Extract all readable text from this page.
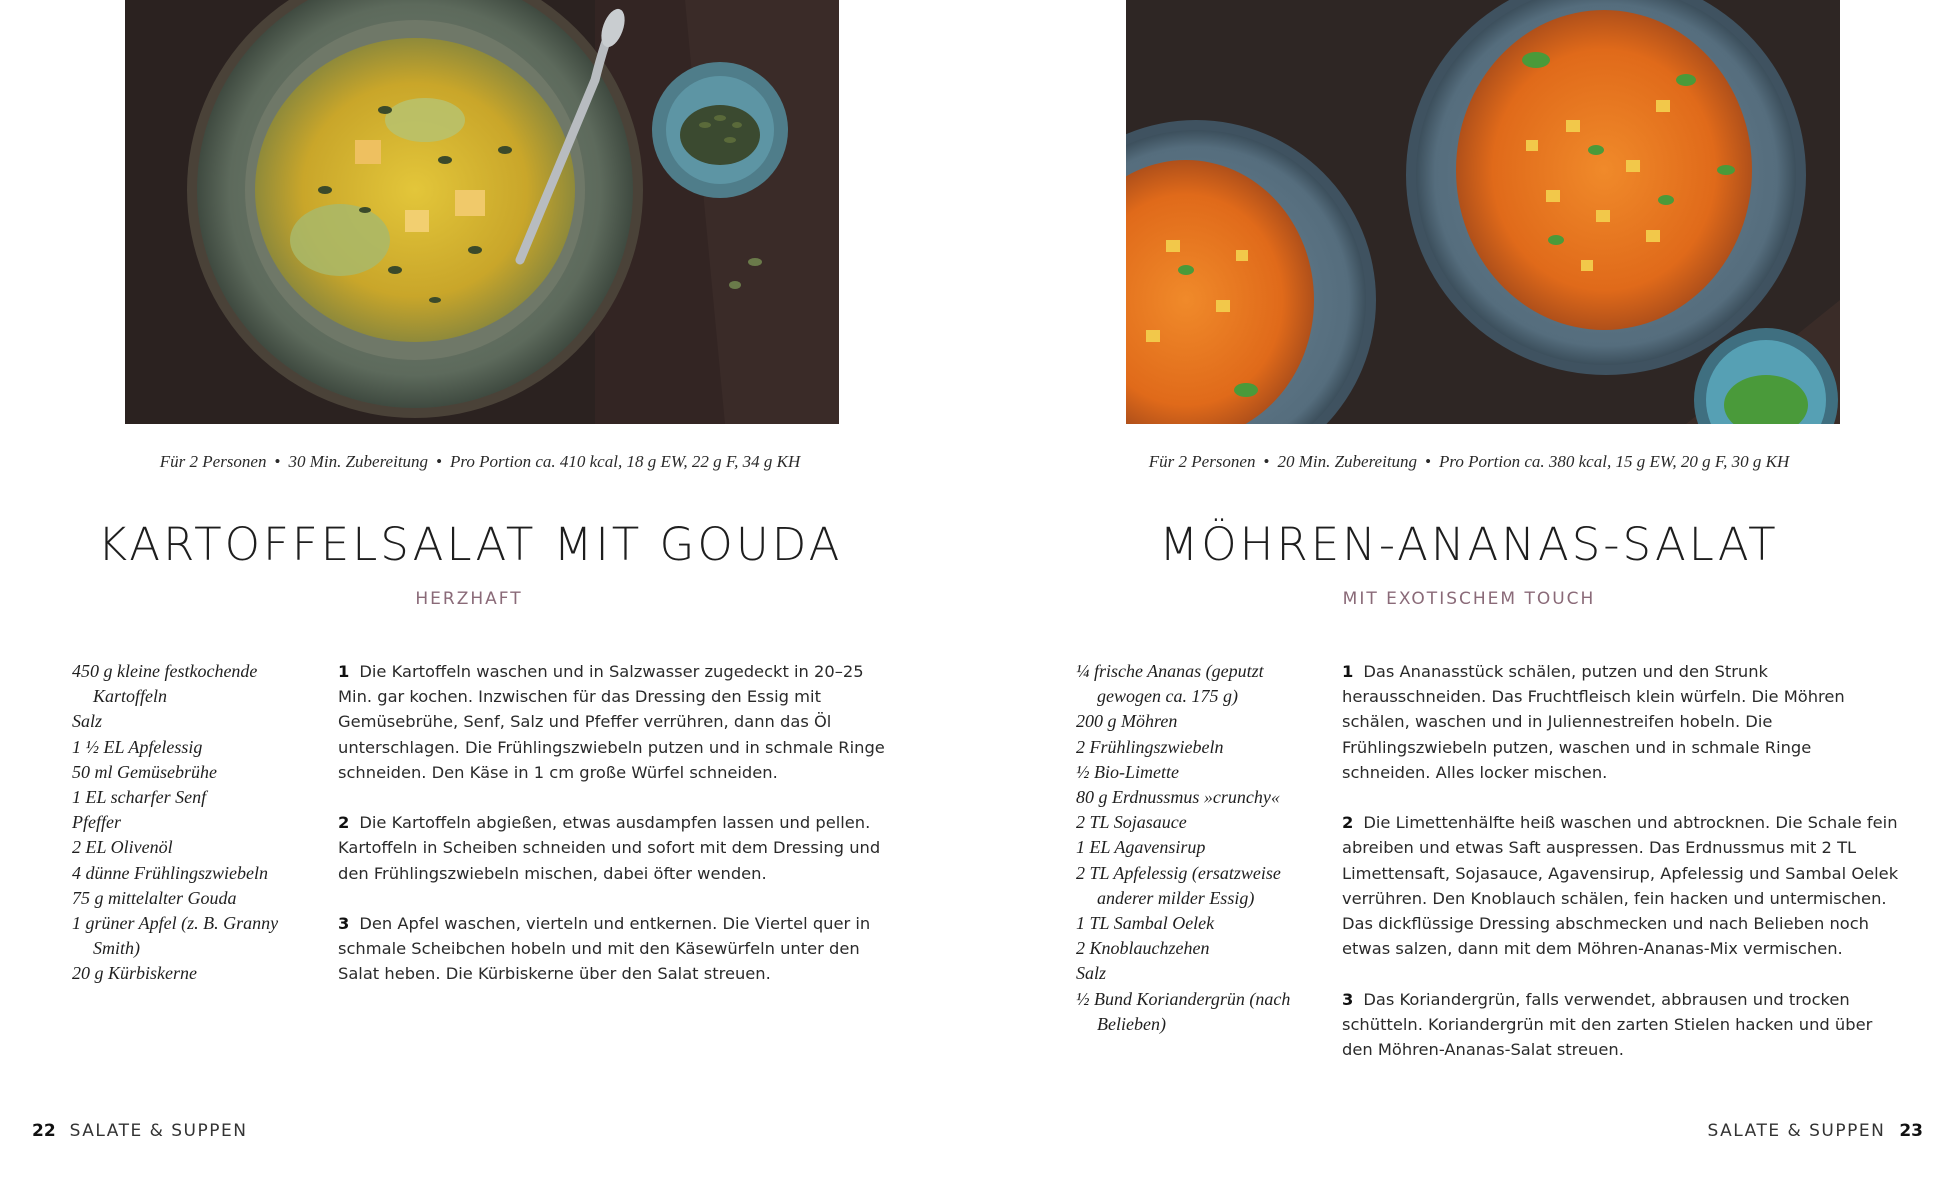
Für 2 Personen • 30 Min. Zubereitung • Pro Portion ca. 410 kcal, 18 g EW, 22 g F, 34 g KH
KARTOFFELSALAT MIT GOUDA
HERZHAFT
450 g kleine festkochende Kartoffeln
Salz
1 ½ EL Apfelessig
50 ml Gemüsebrühe
1 EL scharfer Senf
Pfeffer
2 EL Olivenöl
4 dünne Frühlingszwiebeln
75 g mittelalter Gouda
1 grüner Apfel (z. B. Granny Smith)
20 g Kürbiskerne

1 Die Kartoffeln waschen und in Salzwasser zugedeckt in 20–25 Min. gar kochen. Inzwischen für das Dressing den Essig mit Gemüsebrühe, Senf, Salz und Pfeffer verrühren, dann das Öl unterschlagen. Die Frühlingszwiebeln putzen und in schmale Ringe schneiden. Den Käse in 1 cm große Würfel schneiden.

2 Die Kartoffeln abgießen, etwas ausdampfen lassen und pellen. Kartoffeln in Scheiben schneiden und sofort mit dem Dressing und den Frühlingszwiebeln mischen, dabei öfter wenden.

3 Den Apfel waschen, vierteln und entkernen. Die Viertel quer in schmale Scheibchen hobeln und mit den Käsewürfeln unter den Salat heben. Die Kürbiskerne über den Salat streuen.

22 SALATE & SUPPEN
Für 2 Personen • 20 Min. Zubereitung • Pro Portion ca. 380 kcal, 15 g EW, 20 g F, 30 g KH
MÖHREN-ANANAS-SALAT
MIT EXOTISCHEM TOUCH
¼ frische Ananas (geputzt gewogen ca. 175 g)
200 g Möhren
2 Frühlingszwiebeln
½ Bio-Limette
80 g Erdnussmus »crunchy«
2 TL Sojasauce
1 EL Agavensirup
2 TL Apfelessig (ersatzweise anderer milder Essig)
1 TL Sambal Oelek
2 Knoblauchzehen
Salz
½ Bund Koriandergrün (nach Belieben)

1 Das Ananasstück schälen, putzen und den Strunk herausschneiden. Das Fruchtfleisch klein würfeln. Die Möhren schälen, waschen und in Juliennestreifen hobeln. Die Frühlingszwiebeln putzen, waschen und in schmale Ringe schneiden. Alles locker mischen.

2 Die Limettenhälfte heiß waschen und abtrocknen. Die Schale fein abreiben und etwas Saft auspressen. Das Erdnussmus mit 2 TL Limettensaft, Sojasauce, Agavensirup, Apfelessig und Sambal Oelek verrühren. Den Knoblauch schälen, fein hacken und untermischen. Das dickflüssige Dressing abschmecken und nach Belieben noch etwas salzen, dann mit dem Möhren-Ananas-Mix vermischen.

3 Das Koriandergrün, falls verwendet, abbrausen und trocken schütteln. Koriandergrün mit den zarten Stielen hacken und über den Möhren-Ananas-Salat streuen.

SALATE & SUPPEN 23
